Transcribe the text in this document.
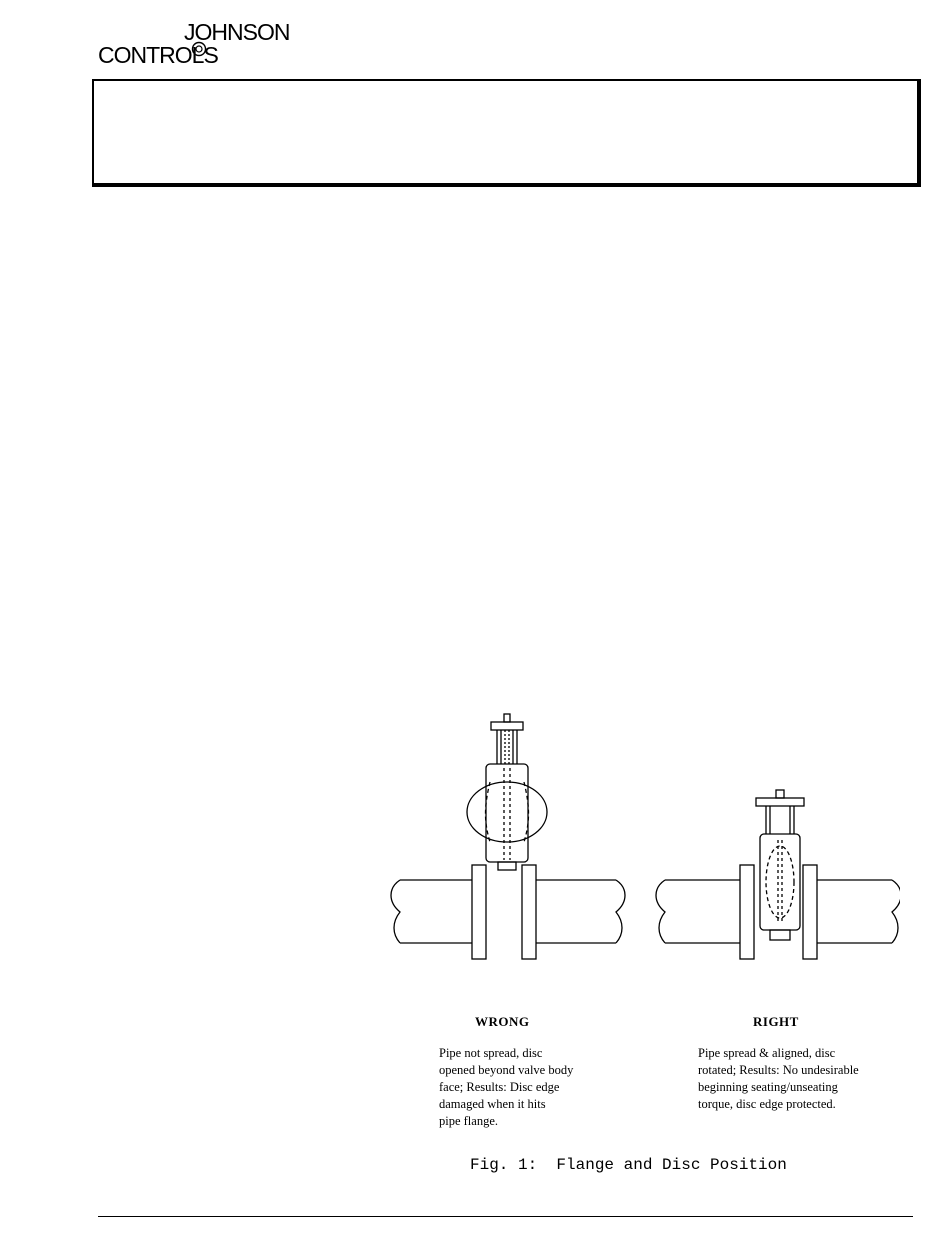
JOHNSON
CONTROLS
WRONG	RIGHT
Pipe not spread, disc
opened beyond valve body
face; Results: Disc edge
damaged when it hits
pipe flange.
Pipe spread & aligned, disc
rotated; Results: No undesirable
beginning seating/unseating
torque, disc edge protected.
Fig. 1:  Flange and Disc Position
